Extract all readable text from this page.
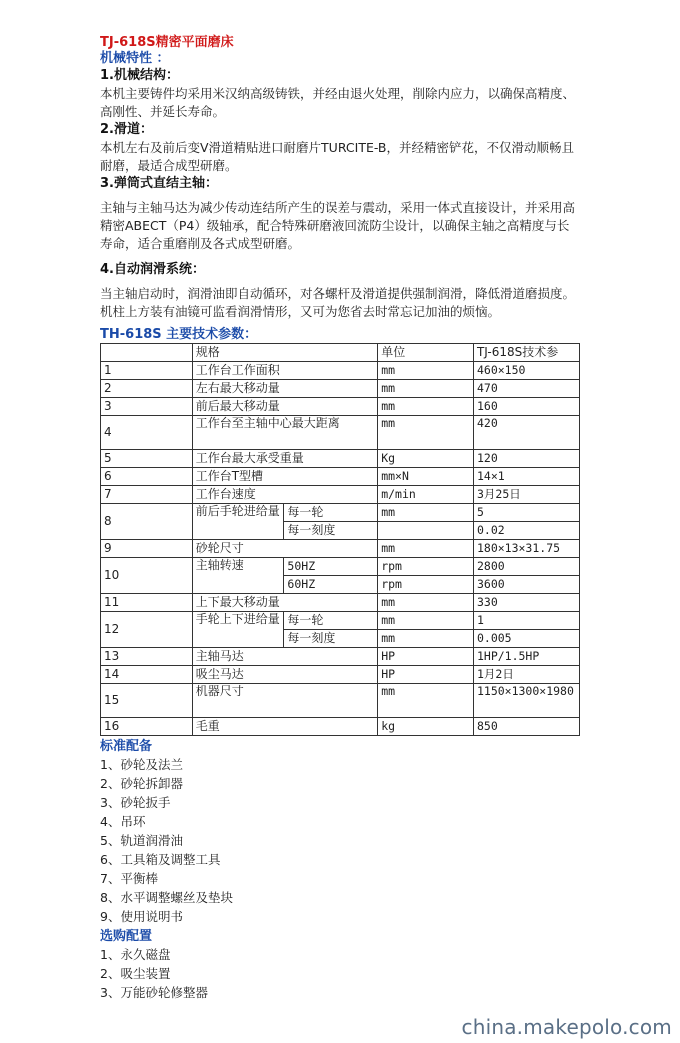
TJ-618S精密平面磨床
机械特性 ：
1.机械结构：
本机主要铸件均采用米汉纳高级铸铁，并经由退火处理，削除内应力，以确保高精度、高刚性、并延长寿命。
2.滑道：
本机左右及前后变V滑道精贴进口耐磨片TURCITE-B，并经精密铲花，不仅滑动顺畅且耐磨，最适合成型研磨。
3.弹筒式直结主轴：
主轴与主轴马达为减少传动连结所产生的误差与震动，采用一体式直接设计，并采用高精密ABECT（P4）级轴承，配合特殊研磨液回流防尘设计，以确保主轴之高精度与长寿命，适合重磨削及各式成型研磨。
4.自动润滑系统：
当主轴启动时，润滑油即自动循环，对各螺杆及滑道提供强制润滑，降低滑道磨损度。机柱上方装有油镜可监看润滑情形，又可为您省去时常忘记加油的烦恼。
TH-618S 主要技术参数：
	规格		单位	TJ-618S技术参
1	工作台工作面积		mm	460×150
2	左右最大移动量		mm	470
3	前后最大移动量		mm	160
4	工作台至主轴中心最大距离		mm	420
5	工作台最大承受重量		Kg	120
6	工作台T型槽		mm×N	14×1
7	工作台速度		m/min	3月25日
8	前后手轮进给量	每一轮	mm	5
		每一刻度		0.02
9	砂轮尺寸		mm	180×13×31.75
10	主轴转速	50HZ	rpm	2800
		60HZ	rpm	3600
11	上下最大移动量		mm	330
12	手轮上下进给量	每一轮	mm	1
		每一刻度	mm	0.005
13	主轴马达		HP	1HP/1.5HP
14	吸尘马达		HP	1月2日
15	机器尺寸		mm	1150×1300×1980
16	毛重		kg	850
标准配备
1、砂轮及法兰
2、砂轮拆卸器
3、砂轮扳手
4、吊环
5、轨道润滑油
6、工具箱及调整工具
7、平衡棒
8、水平调整螺丝及垫块
9、使用说明书
选购配置
1、永久磁盘
2、吸尘装置
3、万能砂轮修整器
china.makepolo.com
